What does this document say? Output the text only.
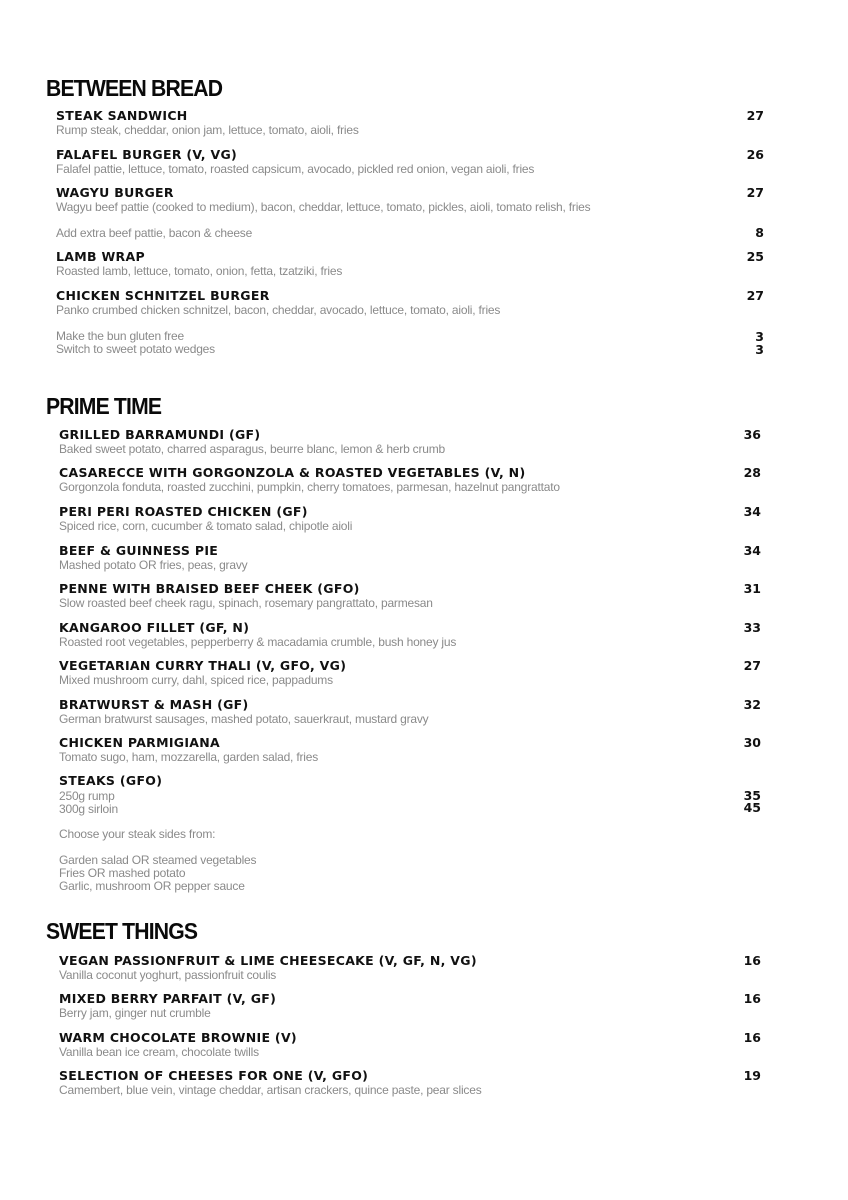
BETWEEN BREAD
STEAK SANDWICH	27
Rump steak, cheddar, onion jam, lettuce, tomato, aioli, fries
FALAFEL BURGER (V, VG)	26
Falafel pattie, lettuce, tomato, roasted capsicum, avocado, pickled red onion, vegan aioli, fries
WAGYU BURGER	27
Wagyu beef pattie (cooked to medium), bacon, cheddar, lettuce, tomato, pickles, aioli, tomato relish, fries
Add extra beef pattie, bacon & cheese	8
LAMB WRAP	25
Roasted lamb, lettuce, tomato, onion, fetta, tzatziki, fries
CHICKEN SCHNITZEL BURGER	27
Panko crumbed chicken schnitzel, bacon, cheddar, avocado, lettuce, tomato, aioli, fries
Make the bun gluten free	3
Switch to sweet potato wedges	3
PRIME TIME
GRILLED BARRAMUNDI (GF)	36
Baked sweet potato, charred asparagus, beurre blanc, lemon & herb crumb
CASARECCE WITH GORGONZOLA & ROASTED VEGETABLES (V, N)	28
Gorgonzola fonduta, roasted zucchini, pumpkin, cherry tomatoes, parmesan, hazelnut pangrattato
PERI PERI ROASTED CHICKEN (GF)	34
Spiced rice, corn, cucumber & tomato salad, chipotle aioli
BEEF & GUINNESS PIE	34
Mashed potato OR fries, peas, gravy
PENNE WITH BRAISED BEEF CHEEK (GFO)	31
Slow roasted beef cheek ragu, spinach, rosemary pangrattato, parmesan
KANGAROO FILLET (GF, N)	33
Roasted root vegetables, pepperberry & macadamia crumble, bush honey jus
VEGETARIAN CURRY THALI (V, GFO, VG)	27
Mixed mushroom curry, dahl, spiced rice, pappadums
BRATWURST & MASH (GF)	32
German bratwurst sausages, mashed potato, sauerkraut, mustard gravy
CHICKEN PARMIGIANA	30
Tomato sugo, ham, mozzarella, garden salad, fries
STEAKS (GFO)
250g rump	35
300g sirloin	45
Choose your steak sides from:
Garden salad OR steamed vegetables
Fries OR mashed potato
Garlic, mushroom OR pepper sauce
SWEET THINGS
VEGAN PASSIONFRUIT & LIME CHEESECAKE (V, GF, N, VG)	16
Vanilla coconut yoghurt, passionfruit coulis
MIXED BERRY PARFAIT (V, GF)	16
Berry jam, ginger nut crumble
WARM CHOCOLATE BROWNIE (V)	16
Vanilla bean ice cream, chocolate twills
SELECTION OF CHEESES FOR ONE (V, GFO)	19
Camembert, blue vein, vintage cheddar, artisan crackers, quince paste, pear slices
